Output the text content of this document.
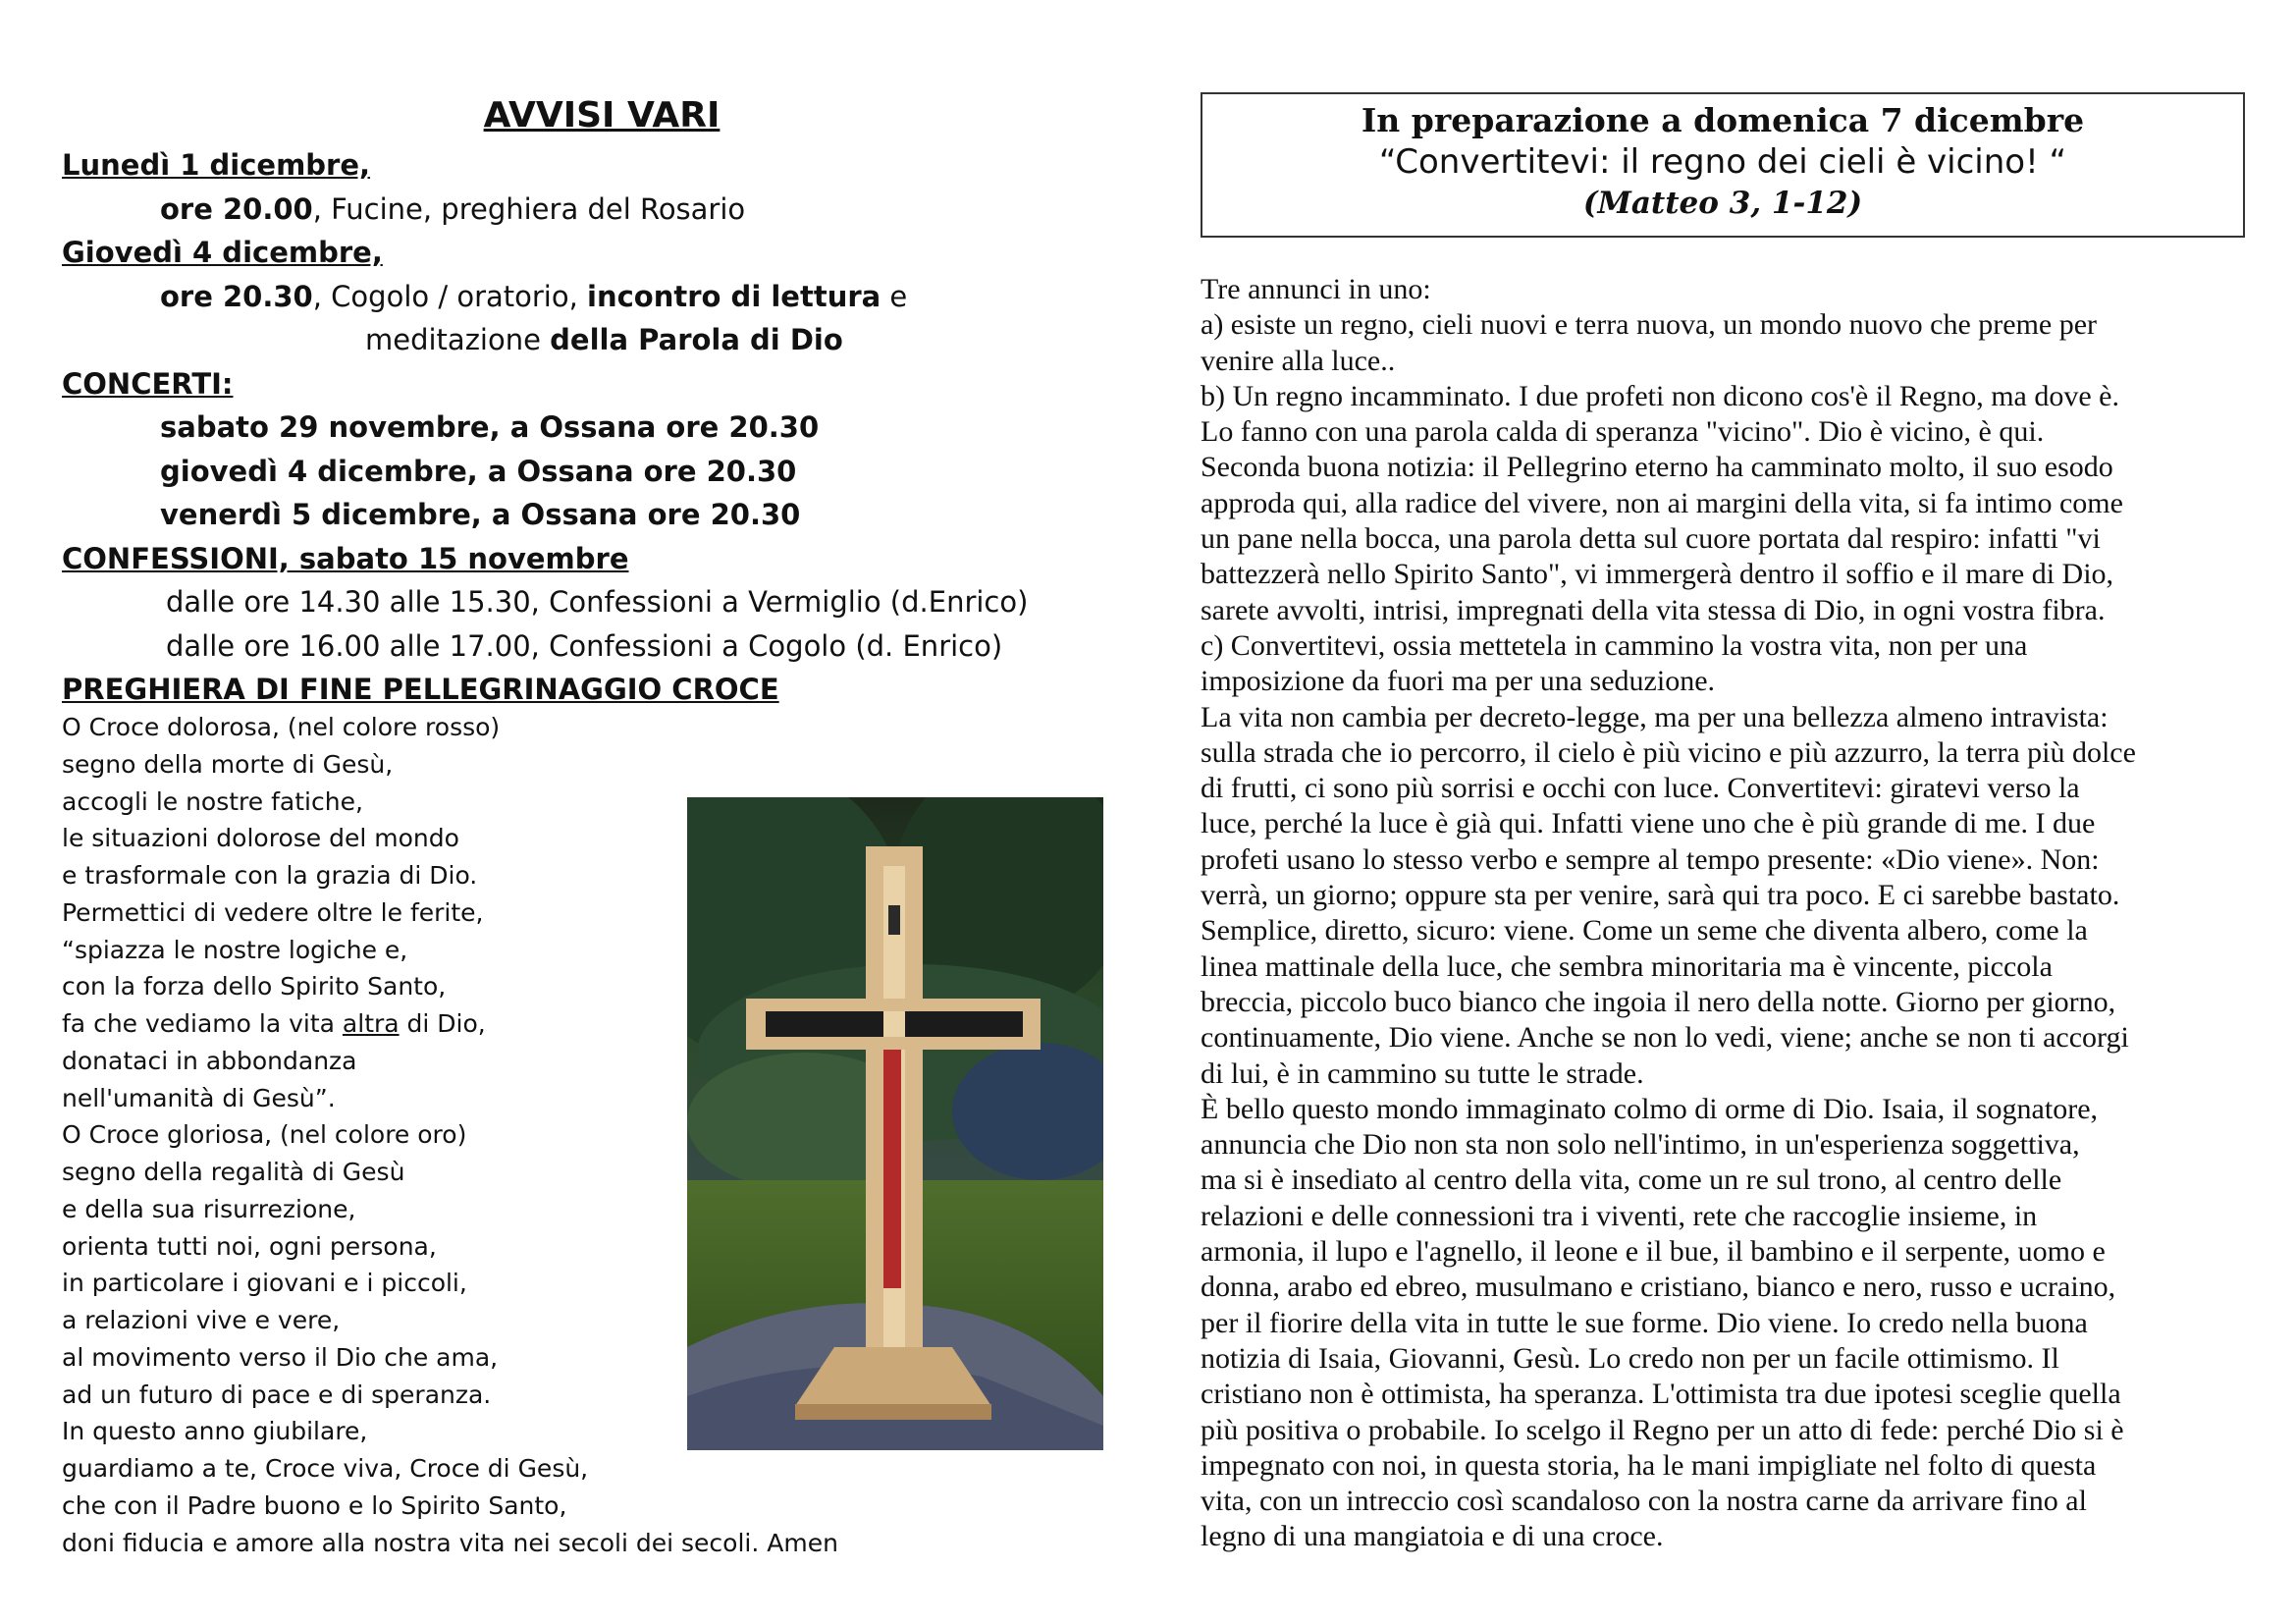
AVVISI VARI
Lunedì 1 dicembre,
ore 20.00, Fucine, preghiera del Rosario
Giovedì 4 dicembre,
ore 20.30, Cogolo / oratorio, incontro di lettura e
meditazione della Parola di Dio
CONCERTI:
sabato 29 novembre, a Ossana ore 20.30
giovedì 4 dicembre, a Ossana ore 20.30
venerdì 5 dicembre, a Ossana ore 20.30
CONFESSIONI, sabato 15 novembre
dalle ore 14.30 alle 15.30, Confessioni a Vermiglio (d.Enrico)
dalle ore 16.00 alle 17.00, Confessioni a Cogolo (d. Enrico)
PREGHIERA DI FINE PELLEGRINAGGIO CROCE
O Croce dolorosa, (nel colore rosso)
segno della morte di Gesù,
accogli le nostre fatiche,
le situazioni dolorose del mondo
e trasformale con la grazia di Dio.
Permettici di vedere oltre le ferite,
“spiazza le nostre logiche e,
con la forza dello Spirito Santo,
fa che vediamo la vita altra di Dio,
donataci in abbondanza
nell'umanità di Gesù”.
O Croce gloriosa, (nel colore oro)
segno della regalità di Gesù
e della sua risurrezione,
orienta tutti noi, ogni persona,
in particolare i giovani e i piccoli,
a relazioni vive e vere,
al movimento verso il Dio che ama,
ad un futuro di pace e di speranza.
In questo anno giubilare,
guardiamo a te, Croce viva, Croce di Gesù,
che con il Padre buono e lo Spirito Santo,
doni fiducia e amore alla nostra vita nei secoli dei secoli. Amen
In preparazione a domenica 7 dicembre
“Convertitevi: il regno dei cieli è vicino! “
(Matteo 3, 1-12)

Tre annunci in uno:

a) esiste un regno, cieli nuovi e terra nuova, un mondo nuovo che preme per

venire alla luce..

b) Un regno incamminato. I due profeti non dicono cos'è il Regno, ma dove è.

Lo fanno con una parola calda di speranza "vicino". Dio è vicino, è qui.

Seconda buona notizia: il Pellegrino eterno ha camminato molto, il suo esodo

approda qui, alla radice del vivere, non ai margini della vita, si fa intimo come

un pane nella bocca, una parola detta sul cuore portata dal respiro: infatti "vi

battezzerà nello Spirito Santo", vi immergerà dentro il soffio e il mare di Dio,

sarete avvolti, intrisi, impregnati della vita stessa di Dio, in ogni vostra fibra.

c) Convertitevi, ossia mettetela in cammino la vostra vita, non per una

imposizione da fuori ma per una seduzione.

La vita non cambia per decreto-legge, ma per una bellezza almeno intravista:

sulla strada che io percorro, il cielo è più vicino e più azzurro, la terra più dolce

di frutti, ci sono più sorrisi e occhi con luce. Convertitevi: giratevi verso la

luce, perché la luce è già qui. Infatti viene uno che è più grande di me. I due

profeti usano lo stesso verbo e sempre al tempo presente: «Dio viene». Non:

verrà, un giorno; oppure sta per venire, sarà qui tra poco. E ci sarebbe bastato.

Semplice, diretto, sicuro: viene. Come un seme che diventa albero, come la

linea mattinale della luce, che sembra minoritaria ma è vincente, piccola

breccia, piccolo buco bianco che ingoia il nero della notte. Giorno per giorno,

continuamente, Dio viene. Anche se non lo vedi, viene; anche se non ti accorgi

di lui, è in cammino su tutte le strade.

È bello questo mondo immaginato colmo di orme di Dio. Isaia, il sognatore,

annuncia che Dio non sta non solo nell'intimo, in un'esperienza soggettiva,

ma si è insediato al centro della vita, come un re sul trono, al centro delle

relazioni e delle connessioni tra i viventi, rete che raccoglie insieme, in

armonia, il lupo e l'agnello, il leone e il bue, il bambino e il serpente, uomo e

donna, arabo ed ebreo, musulmano e cristiano, bianco e nero, russo e ucraino,

per il fiorire della vita in tutte le sue forme. Dio viene. Io credo nella buona

notizia di Isaia, Giovanni, Gesù. Lo credo non per un facile ottimismo. Il

cristiano non è ottimista, ha speranza. L'ottimista tra due ipotesi sceglie quella

più positiva o probabile. Io scelgo il Regno per un atto di fede: perché Dio si è

impegnato con noi, in questa storia, ha le mani impigliate nel folto di questa

vita, con un intreccio così scandaloso con la nostra carne da arrivare fino al

legno di una mangiatoia e di una croce.
